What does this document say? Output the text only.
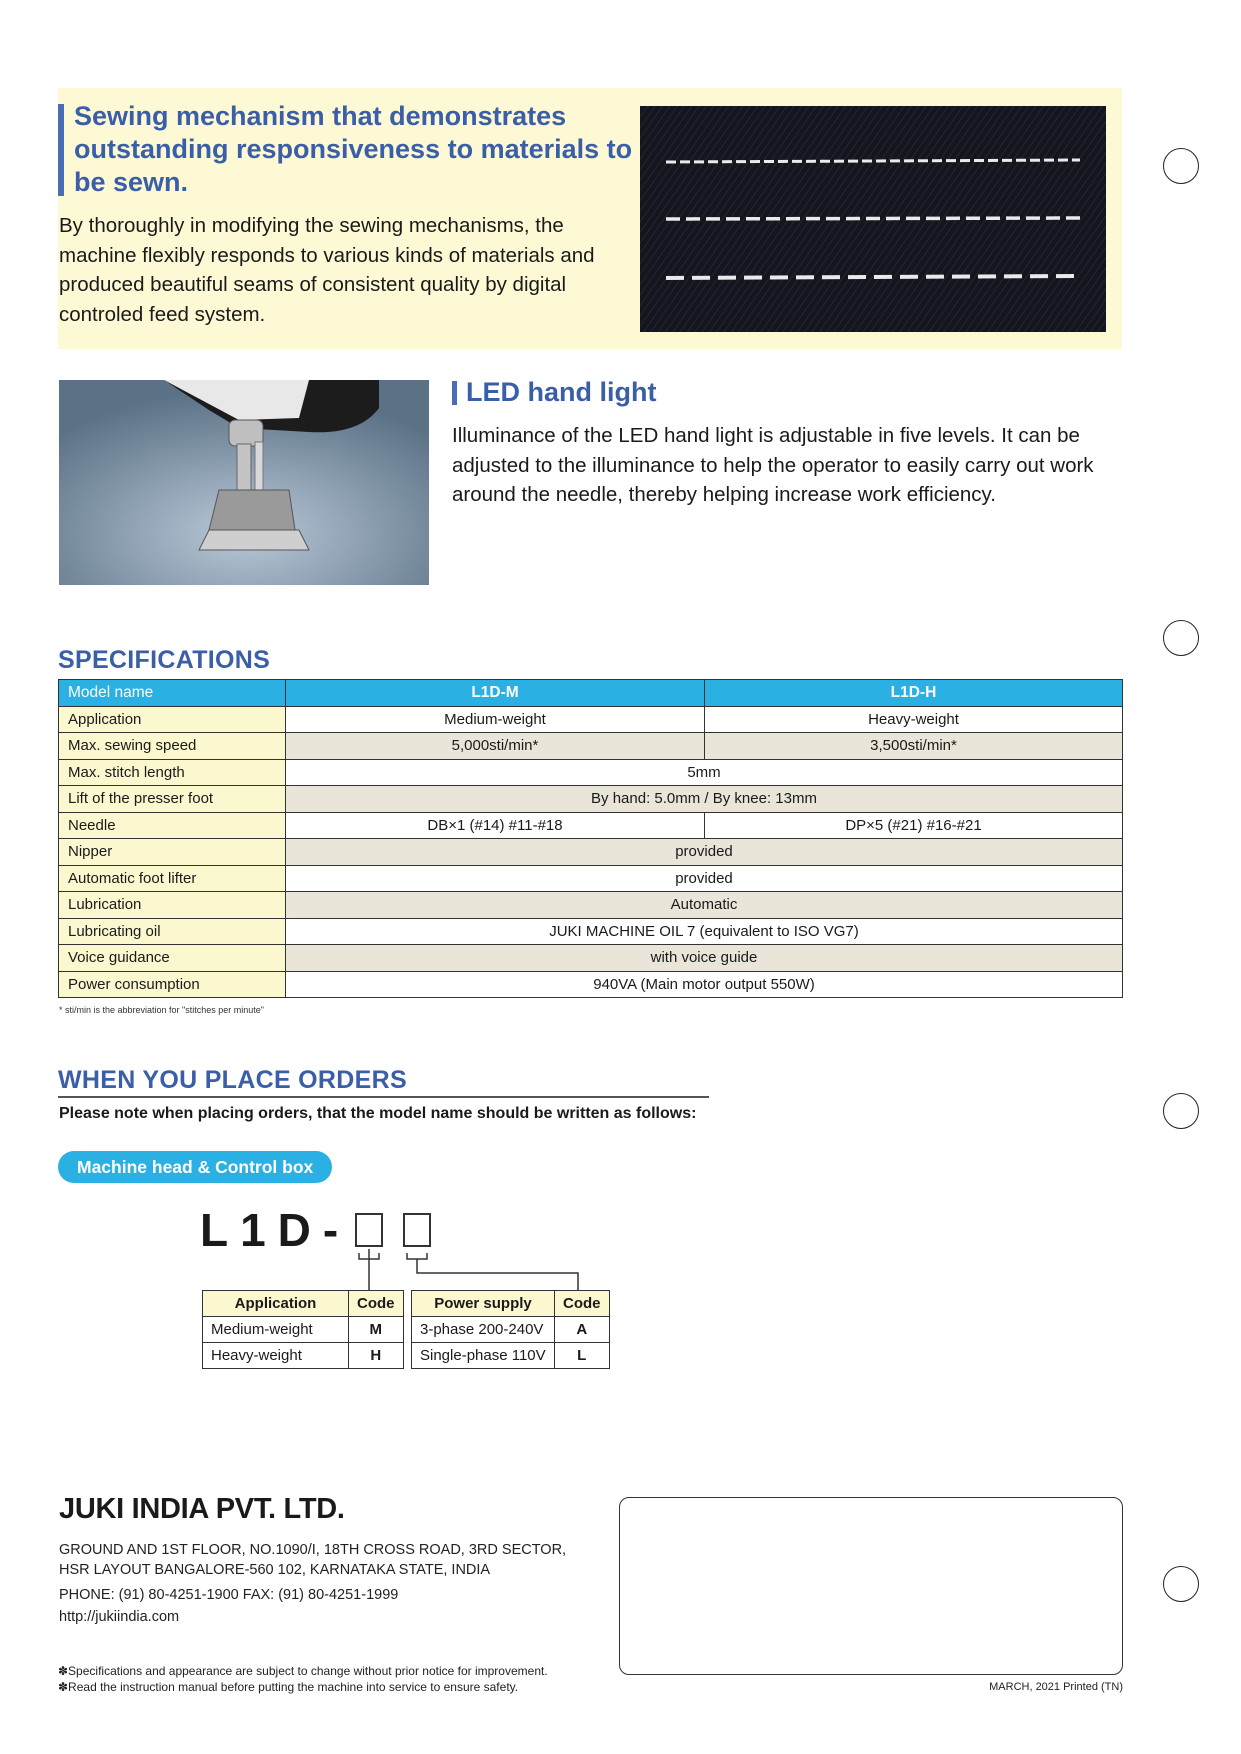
Sewing mechanism that demonstrates outstanding responsiveness to materials to be sewn.
By thoroughly in modifying the sewing mechanisms, the machine flexibly responds to various kinds of materials and produced beautiful seams of consistent quality by digital controled feed system.
LED hand light
Illuminance of the LED hand light is adjustable in five levels. It can be adjusted to the illuminance to help the operator to easily carry out work around the needle, thereby helping increase work efficiency.
SPECIFICATIONS
Model name	L1D-M	L1D-H
Application	Medium-weight	Heavy-weight
Max. sewing speed	5,000sti/min*	3,500sti/min*
Max. stitch length	5mm	
Lift of the presser foot	By hand: 5.0mm / By knee: 13mm	
Needle	DB×1 (#14) #11-#18	DP×5 (#21) #16-#21
Nipper	provided	
Automatic foot lifter	provided	
Lubrication	Automatic	
Lubricating oil	JUKI MACHINE OIL 7 (equivalent to ISO VG7)	
Voice guidance	with voice guide	
Power consumption	940VA (Main motor output 550W)	
* sti/min is the abbreviation for "stitches per minute"
WHEN YOU PLACE ORDERS
Please note when placing orders, that the model name should be written as follows:
Machine head & Control box
L1D-
Application	Code
Medium-weight	M
Heavy-weight	H
Power supply	Code
3-phase 200-240V	A
Single-phase 110V	L
JUKI INDIA PVT. LTD.
GROUND AND 1ST FLOOR, NO.1090/I, 18TH CROSS ROAD, 3RD SECTOR,
HSR LAYOUT BANGALORE-560 102, KARNATAKA STATE, INDIA
PHONE: (91) 80-4251-1900 FAX: (91) 80-4251-1999
http://jukiindia.com
✽Specifications and appearance are subject to change without prior notice for improvement.
✽Read the instruction manual before putting the machine into service to ensure safety.	MARCH, 2021 Printed (TN)
